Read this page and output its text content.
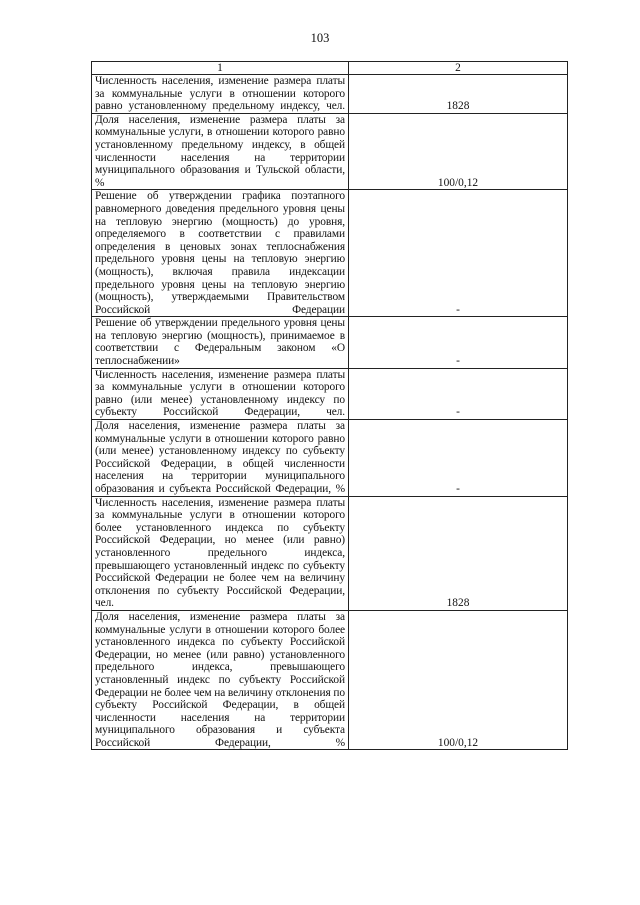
103
1	2
Численность населения, изменение размера платы за коммунальные услуги в отношении которого равно установленному предельному индексу, чел.	1828
Доля населения, изменение размера платы за коммунальные услуги, в отношении которого равно установленному предельному индексу, в общей численности населения на территории муниципального образования и Тульской области, %	100/0,12
Решение об утверждении графика поэтапного равномерного доведения предельного уровня цены на тепловую энергию (мощность) до уровня, определяемого в соответствии с правилами определения в ценовых зонах теплоснабжения предельного уровня цены на тепловую энергию (мощность), включая правила индексации предельного уровня цены на тепловую энергию (мощность), утверждаемыми Правительством Российской Федерации	-
Решение об утверждении предельного уровня цены на тепловую энергию (мощность), принимаемое в соответствии с Федеральным законом «О теплоснабжении»	-
Численность населения, изменение размера платы за коммунальные услуги в отношении которого равно (или менее) установленному индексу по субъекту Российской Федерации, чел.	-
Доля населения, изменение размера платы за коммунальные услуги в отношении которого равно (или менее) установленному индексу по субъекту Российской Федерации, в общей численности населения на территории муниципального образования и субъекта Российской Федерации, %	-
Численность населения, изменение размера платы за коммунальные услуги в отношении которого более установленного индекса по субъекту Российской Федерации, но менее (или равно) установленного предельного индекса, превышающего установленный индекс по субъекту Российской Федерации не более чем на величину отклонения по субъекту Российской Федерации, чел.	1828
Доля населения, изменение размера платы за коммунальные услуги в отношении которого более установленного индекса по субъекту Российской Федерации, но менее (или равно) установленного предельного индекса, превышающего установленный индекс по субъекту Российской Федерации не более чем на величину отклонения по субъекту Российской Федерации, в общей численности населения на территории муниципального образования и субъекта Российской Федерации, %	100/0,12
